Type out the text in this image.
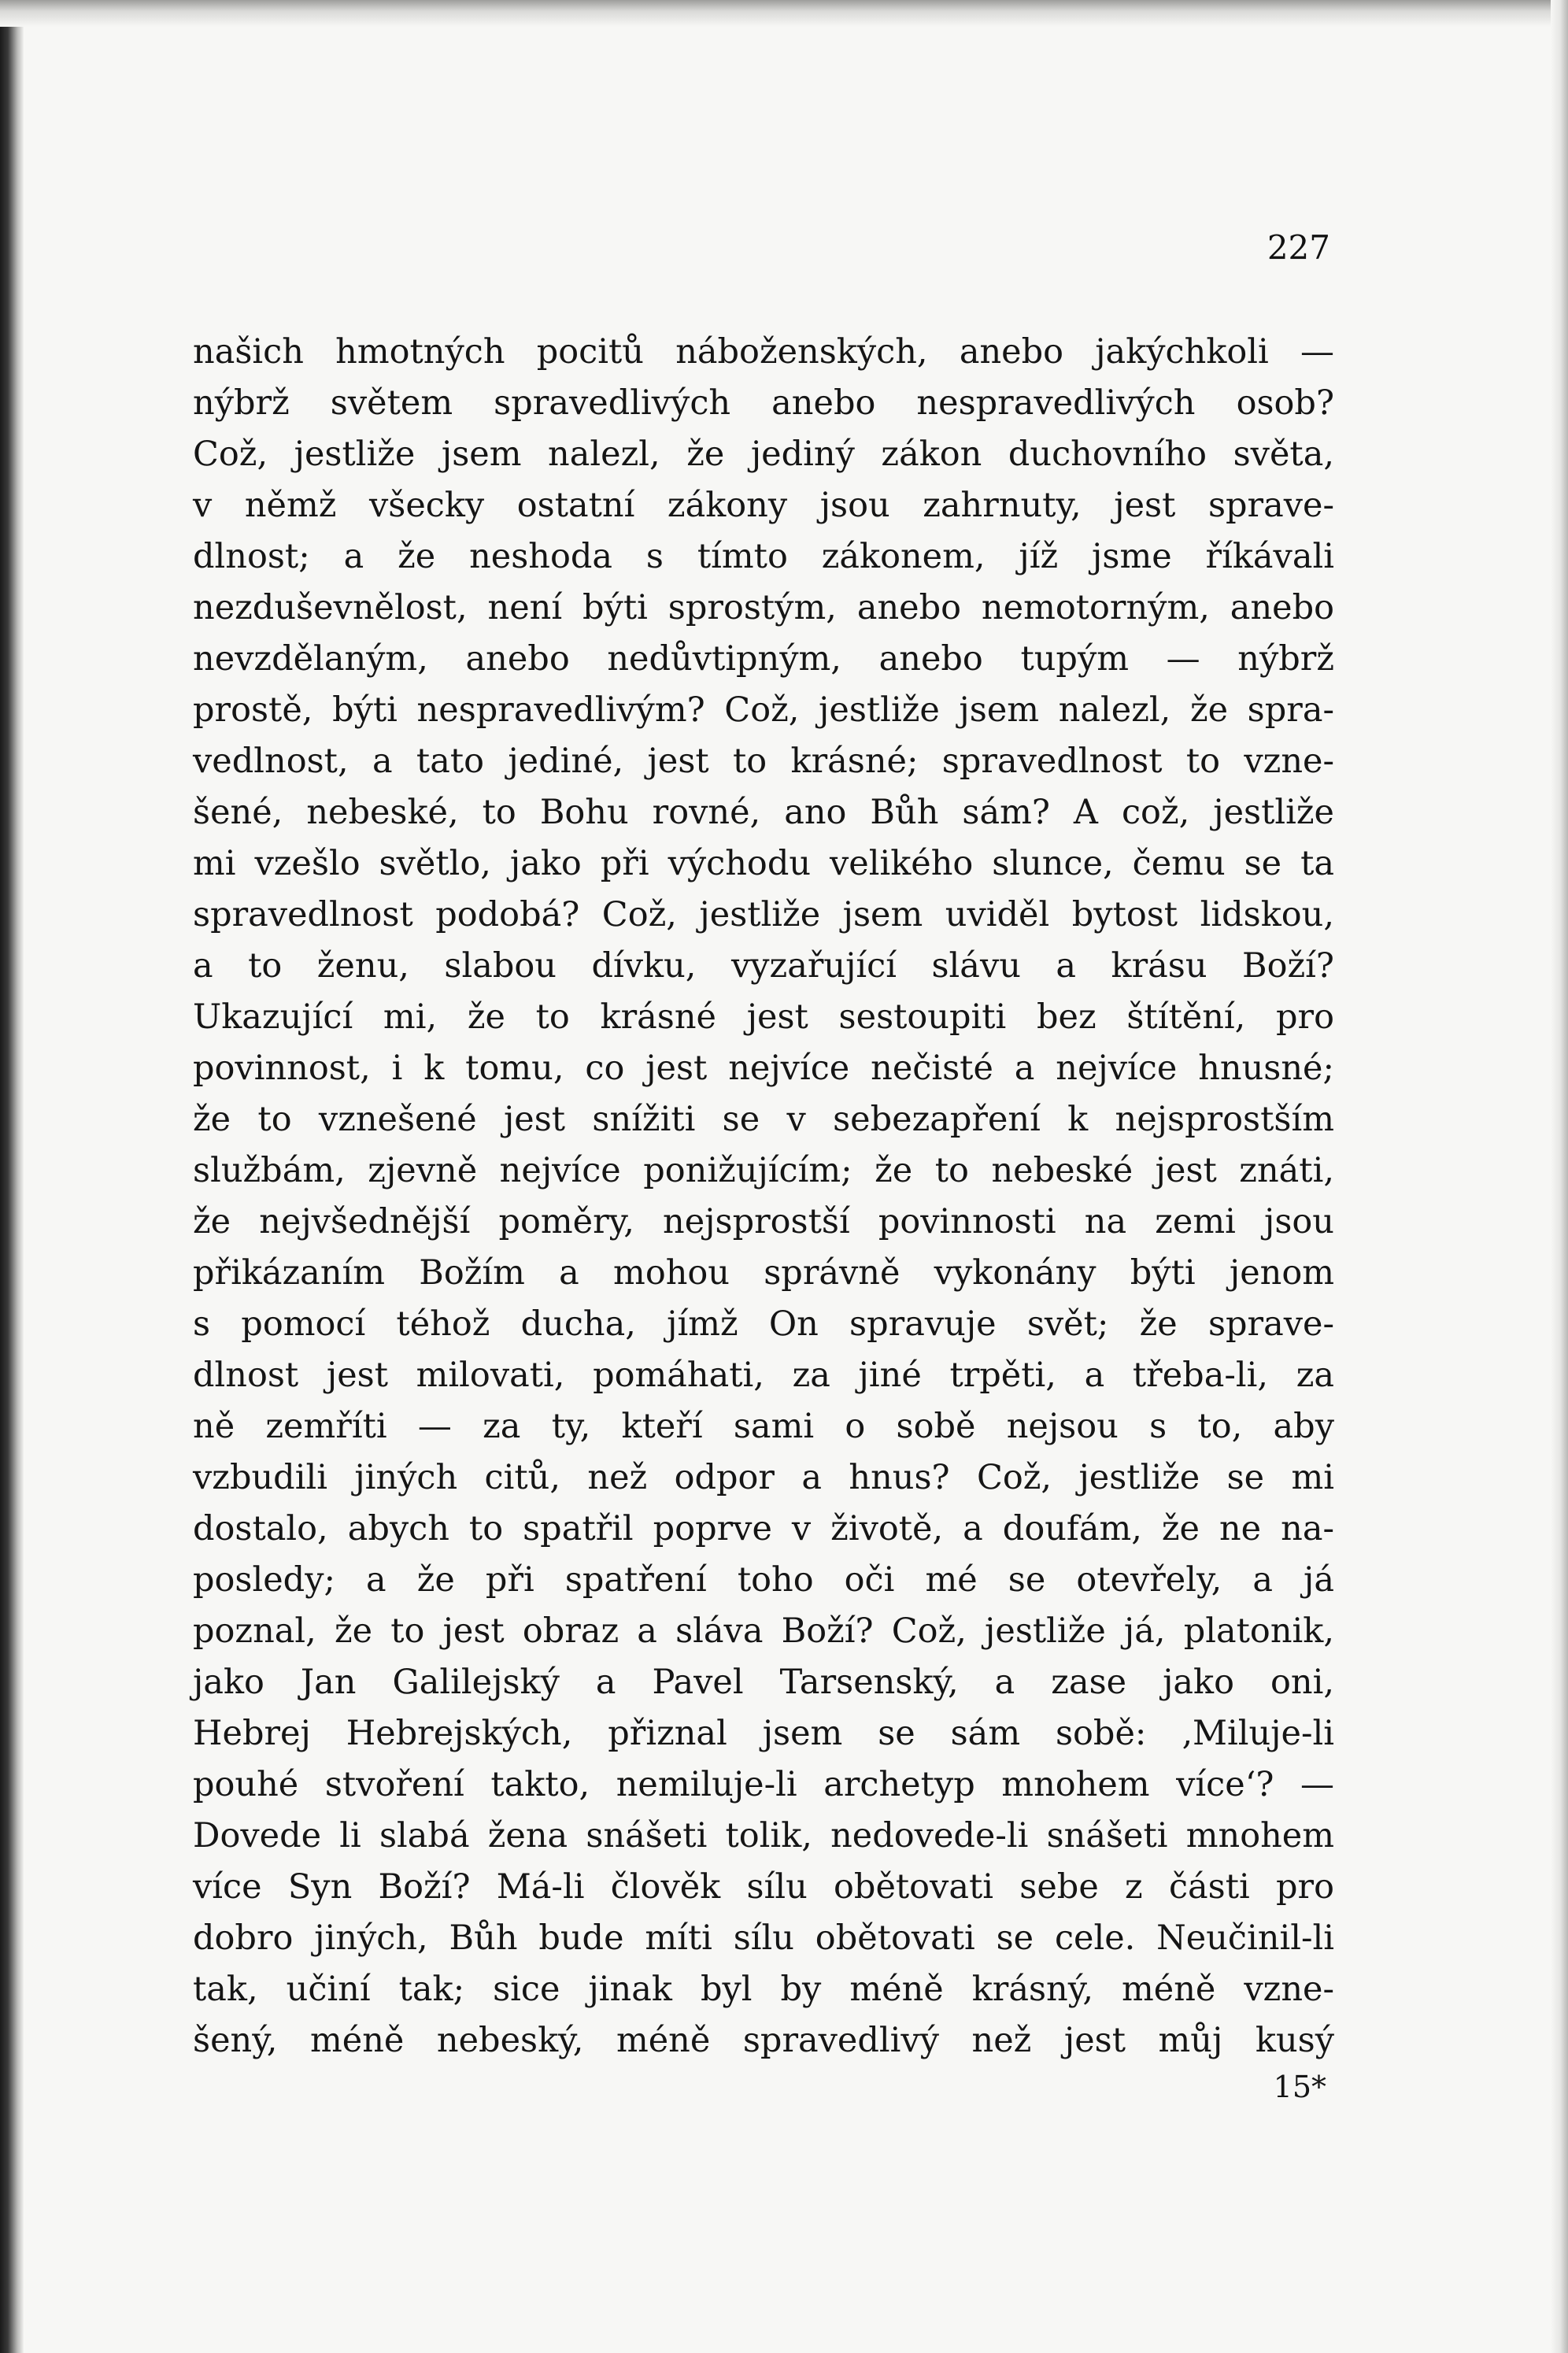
227
našich hmotných pocitů náboženských, anebo jakýchkoli —
nýbrž světem spravedlivých anebo nespravedlivých osob?
Což, jestliže jsem nalezl, že jediný zákon duchovního světa,
v němž všecky ostatní zákony jsou zahrnuty, jest sprave-
dlnost; a že neshoda s tímto zákonem, jíž jsme říkávali
nezduševnělost, není býti sprostým, anebo nemotorným, anebo
nevzdělaným, anebo nedůvtipným, anebo tupým — nýbrž
prostě, býti nespravedlivým? Což, jestliže jsem nalezl, že spra-
vedlnost, a tato jediné, jest to krásné; spravedlnost to vzne-
šené, nebeské, to Bohu rovné, ano Bůh sám? A což, jestliže
mi vzešlo světlo, jako při východu velikého slunce, čemu se ta
spravedlnost podobá? Což, jestliže jsem uviděl bytost lidskou,
a to ženu, slabou dívku, vyzařující slávu a krásu Boží?
Ukazující mi, že to krásné jest sestoupiti bez štítění, pro
povinnost, i k tomu, co jest nejvíce nečisté a nejvíce hnusné;
že to vznešené jest snížiti se v sebezapření k nejsprostším
službám, zjevně nejvíce ponižujícím; že to nebeské jest znáti,
že nejvšednější poměry, nejsprostší povinnosti na zemi jsou
přikázaním Božím a mohou správně vykonány býti jenom
s pomocí téhož ducha, jímž On spravuje svět; že sprave-
dlnost jest milovati, pomáhati, za jiné trpěti, a třeba-li, za
ně zemříti — za ty, kteří sami o sobě nejsou s to, aby
vzbudili jiných citů, než odpor a hnus? Což, jestliže se mi
dostalo, abych to spatřil poprve v životě, a doufám, že ne na-
posledy; a že při spatření toho oči mé se otevřely, a já
poznal, že to jest obraz a sláva Boží? Což, jestliže já, platonik,
jako Jan Galilejský a Pavel Tarsenský, a zase jako oni,
Hebrej Hebrejských, přiznal jsem se sám sobě: ‚Miluje-li
pouhé stvoření takto, nemiluje-li archetyp mnohem více‘? —
Dovede li slabá žena snášeti tolik, nedovede-li snášeti mnohem
více Syn Boží? Má-li člověk sílu obětovati sebe z části pro
dobro jiných, Bůh bude míti sílu obětovati se cele. Neučinil-li
tak, učiní tak; sice jinak byl by méně krásný, méně vzne-
šený, méně nebeský, méně spravedlivý než jest můj kusý
15*
